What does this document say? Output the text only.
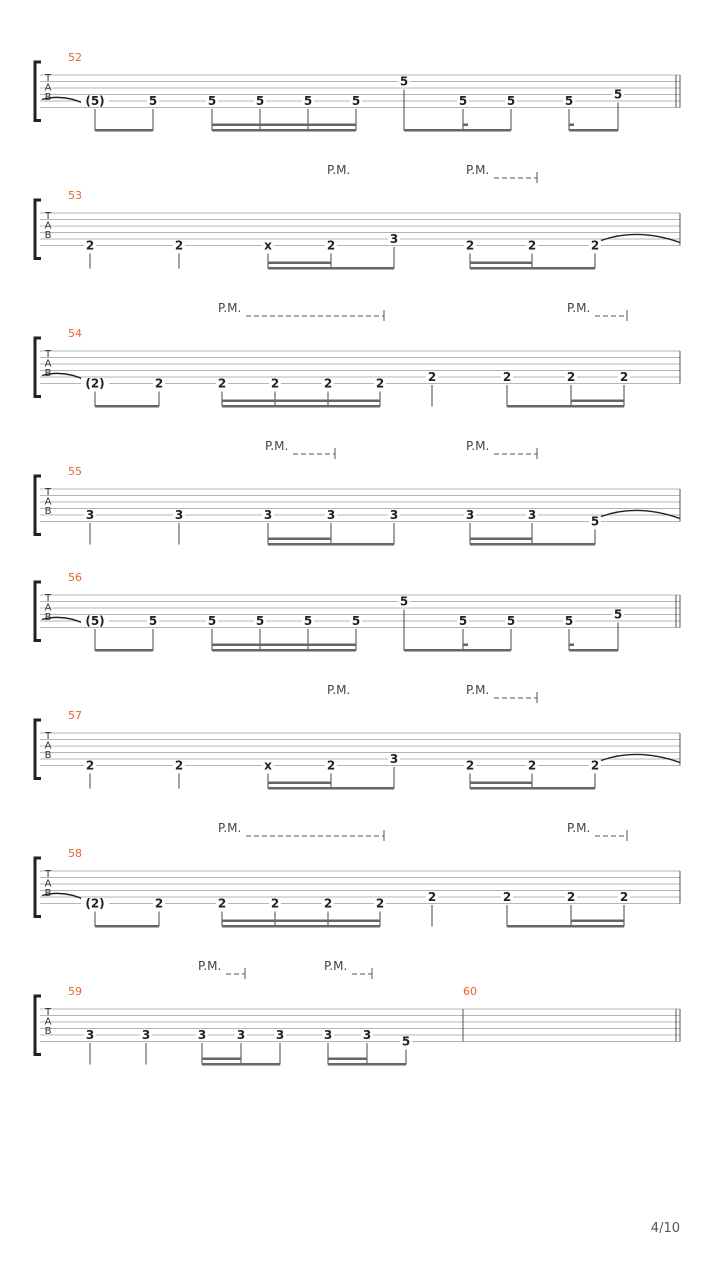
T
A
B
52
(5)	5	5	5	5	5
5
5	5	5	5
T
A
B
53
2	2	x	2	3	2	2	2
P.M.	P.M.
T
A
B
54
(2)	2	2	2	2	2	2	2	2	2
P.M.	P.M.
T
A
B
55
3	3	3	3	3	3	3	5
P.M.	P.M.
T
A
B
56
(5)	5	5	5	5	5
5
5	5	5	5
T
A
B
57
2	2	x	2	3	2	2	2
P.M.	P.M.
T
A
B
58
(2)	2	2	2	2	2	2	2	2	2
P.M.	P.M.
T
A
B
59	60
3	3	3	3	3	3	3	5
P.M.	P.M.
4/10
